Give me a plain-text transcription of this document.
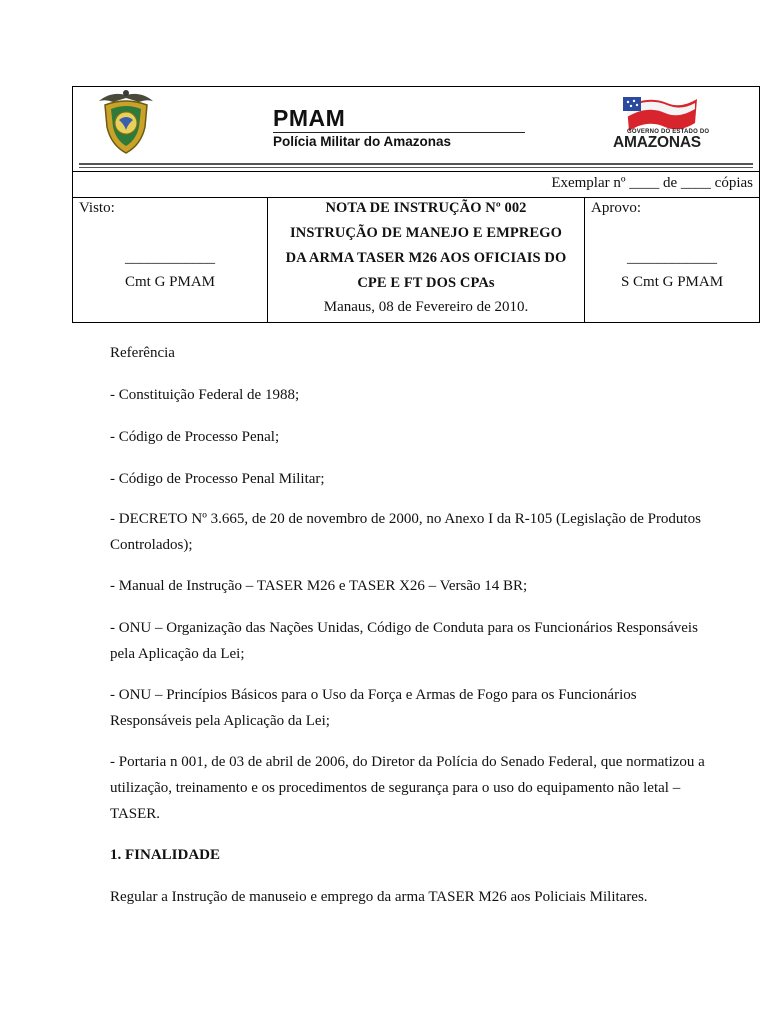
PMAM
Polícia Militar do Amazonas
GOVERNO DO ESTADO DO
AMAZONAS
Exemplar nº ____ de ____ cópias
Visto:
____________
Cmt G PMAM
NOTA DE INSTRUÇÃO Nº 002
INSTRUÇÃO DE MANEJO E EMPREGO
DA ARMA TASER M26 AOS OFICIAIS DO
CPE E FT DOS CPAs
Manaus, 08 de Fevereiro de 2010.
Aprovo:
____________
S Cmt G PMAM
Referência
- Constituição Federal de 1988;
- Código de Processo Penal;
- Código de Processo Penal Militar;
- DECRETO Nº 3.665, de 20 de novembro de 2000, no Anexo I da R-105 (Legislação de Produtos Controlados);
- Manual de Instrução – TASER M26 e TASER X26 – Versão 14 BR;
- ONU – Organização das Nações Unidas, Código de Conduta para os Funcionários Responsáveis pela Aplicação da Lei;
- ONU – Princípios Básicos para o Uso da Força e Armas de Fogo para os Funcionários Responsáveis pela Aplicação da Lei;
- Portaria n 001, de 03 de abril de 2006, do Diretor da Polícia do Senado Federal, que normatizou a utilização, treinamento e os procedimentos de segurança para o uso do equipamento não letal – TASER.
1. FINALIDADE
Regular a Instrução de manuseio e emprego da arma TASER M26 aos Policiais Militares.
